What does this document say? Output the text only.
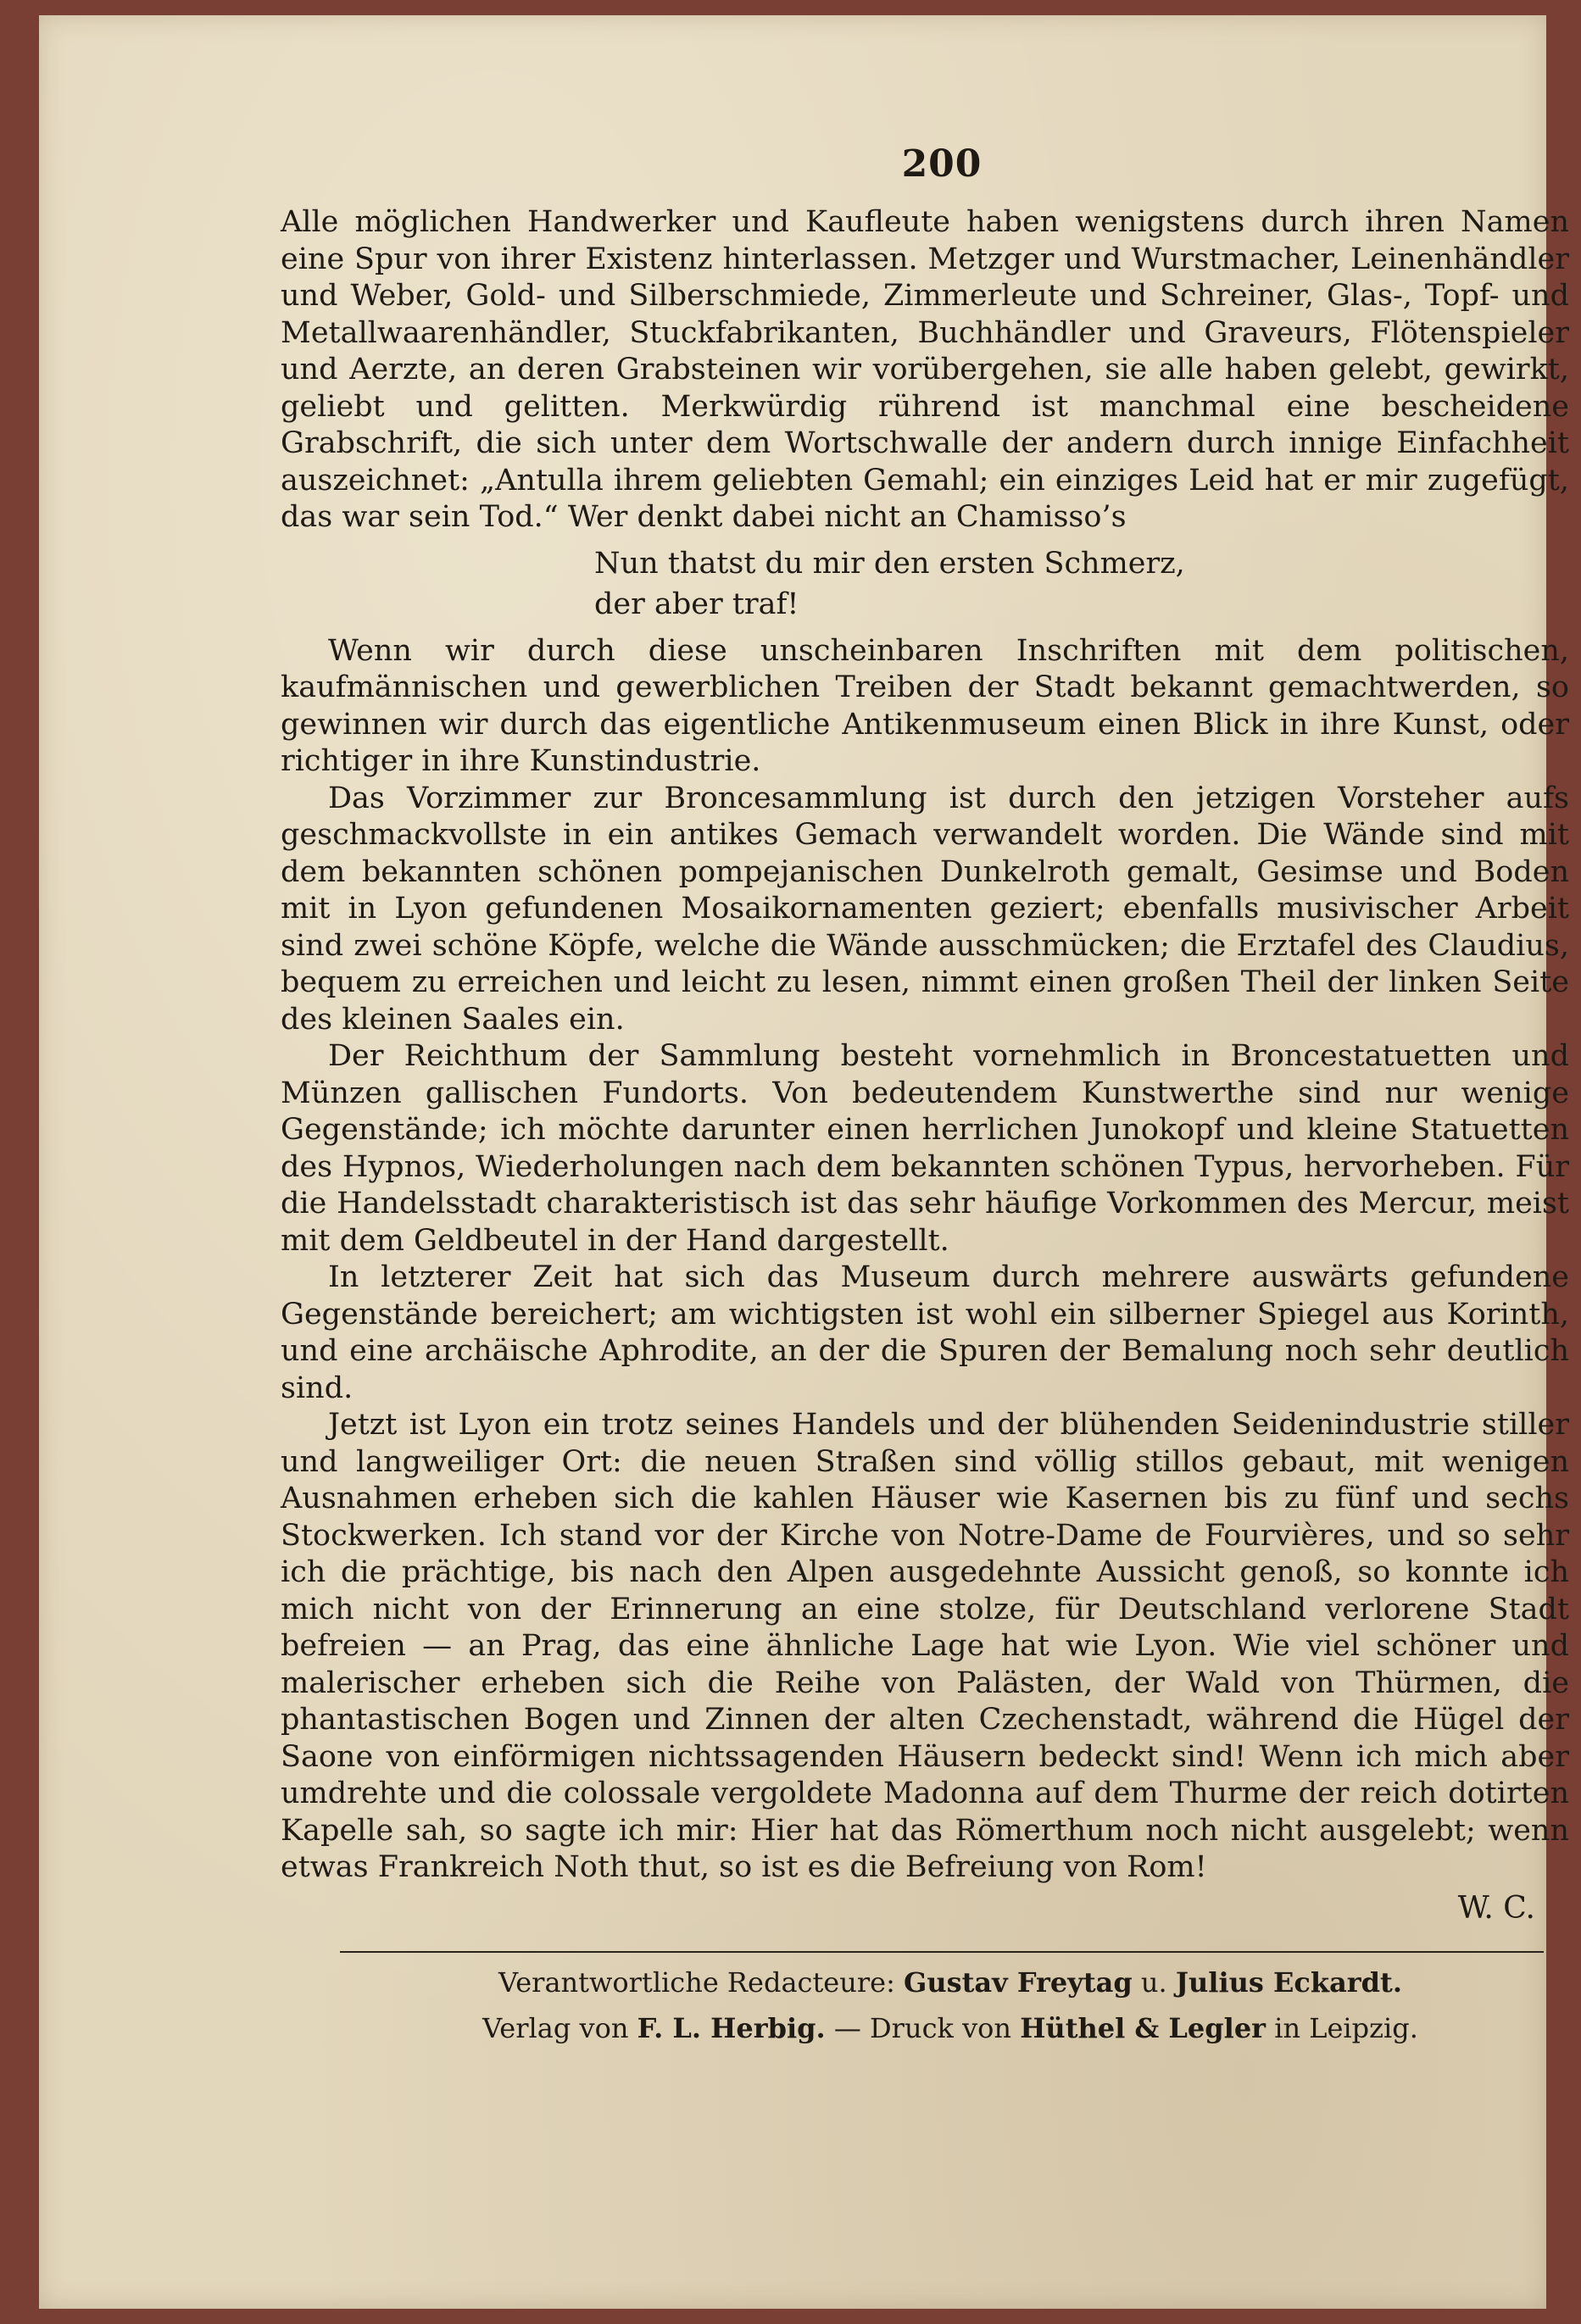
200

Alle möglichen Handwerker und Kaufleute haben wenigstens durch ihren Namen eine Spur von ihrer Existenz hinterlassen. Metzger und Wurstmacher, Leinenhändler und Weber, Gold- und Silberschmiede, Zimmerleute und Schreiner, Glas-, Topf- und Metallwaarenhändler, Stuckfabrikanten, Buchhändler und Graveurs, Flötenspieler und Aerzte, an deren Grabsteinen wir vorübergehen, sie alle haben gelebt, gewirkt, geliebt und gelitten. Merkwürdig rührend ist manchmal eine bescheidene Grabschrift, die sich unter dem Wortschwalle der andern durch innige Einfachheit auszeichnet: „Antulla ihrem geliebten Gemahl; ein einziges Leid hat er mir zugefügt, das war sein Tod.“ Wer denkt dabei nicht an Chamisso’s

Nun thatst du mir den ersten Schmerz,
der aber traf!

Wenn wir durch diese unscheinbaren Inschriften mit dem politischen, kaufmännischen und gewerblichen Treiben der Stadt bekannt gemachtwerden, so gewinnen wir durch das eigentliche Antikenmuseum einen Blick in ihre Kunst, oder richtiger in ihre Kunstindustrie.

Das Vorzimmer zur Broncesammlung ist durch den jetzigen Vorsteher aufs geschmackvollste in ein antikes Gemach verwandelt worden. Die Wände sind mit dem bekannten schönen pompejanischen Dunkelroth gemalt, Gesimse und Boden mit in Lyon gefundenen Mosaikornamenten geziert; ebenfalls musivischer Arbeit sind zwei schöne Köpfe, welche die Wände ausschmücken; die Erztafel des Claudius, bequem zu erreichen und leicht zu lesen, nimmt einen großen Theil der linken Seite des kleinen Saales ein.

Der Reichthum der Sammlung besteht vornehmlich in Broncestatuetten und Münzen gallischen Fundorts. Von bedeutendem Kunstwerthe sind nur wenige Gegenstände; ich möchte darunter einen herrlichen Junokopf und kleine Statuetten des Hypnos, Wiederholungen nach dem bekannten schönen Typus, hervorheben. Für die Handelsstadt charakteristisch ist das sehr häufige Vorkommen des Mercur, meist mit dem Geldbeutel in der Hand dargestellt.

In letzterer Zeit hat sich das Museum durch mehrere auswärts gefundene Gegenstände bereichert; am wichtigsten ist wohl ein silberner Spiegel aus Korinth, und eine archäische Aphrodite, an der die Spuren der Bemalung noch sehr deutlich sind.

Jetzt ist Lyon ein trotz seines Handels und der blühenden Seidenindustrie stiller und langweiliger Ort: die neuen Straßen sind völlig stillos gebaut, mit wenigen Ausnahmen erheben sich die kahlen Häuser wie Kasernen bis zu fünf und sechs Stockwerken. Ich stand vor der Kirche von Notre-Dame de Fourvières, und so sehr ich die prächtige, bis nach den Alpen ausgedehnte Aussicht genoß, so konnte ich mich nicht von der Erinnerung an eine stolze, für Deutschland verlorene Stadt befreien — an Prag, das eine ähnliche Lage hat wie Lyon. Wie viel schöner und malerischer erheben sich die Reihe von Palästen, der Wald von Thürmen, die phantastischen Bogen und Zinnen der alten Czechenstadt, während die Hügel der Saone von einförmigen nichtssagenden Häusern bedeckt sind! Wenn ich mich aber umdrehte und die colossale vergoldete Madonna auf dem Thurme der reich dotirten Kapelle sah, so sagte ich mir: Hier hat das Römerthum noch nicht ausgelebt; wenn etwas Frankreich Noth thut, so ist es die Befreiung von Rom!

W. C.
Verantwortliche Redacteure: Gustav Freytag u. Julius Eckardt.
Verlag von F. L. Herbig. — Druck von Hüthel & Legler in Leipzig.
